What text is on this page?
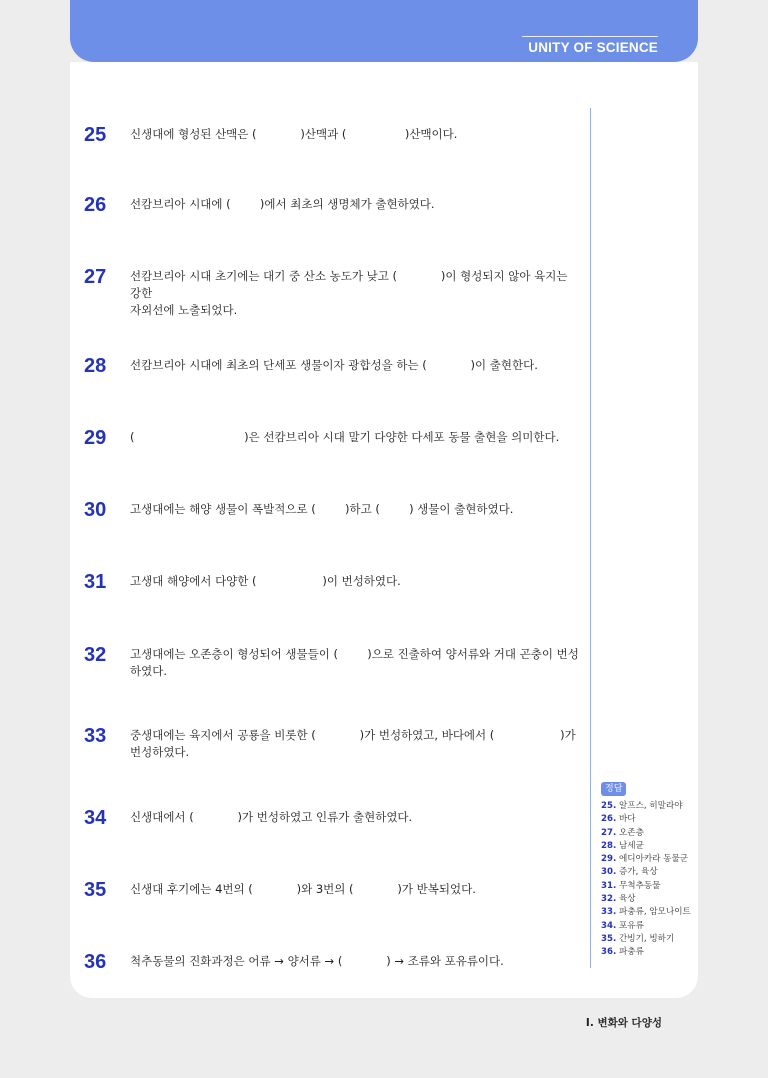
UNITY OF SCIENCE
25	신생대에 형성된 산맥은 (            )산맥과 (                )산맥이다.
26	선캄브리아 시대에 (        )에서 최초의 생명체가 출현하였다.
27	선캄브리아 시대 초기에는 대기 중 산소 농도가 낮고 (            )이 형성되지 않아 육지는 강한
자외선에 노출되었다.
28	선캄브리아 시대에 최초의 단세포 생물이자 광합성을 하는 (            )이 출현한다.
29	(                              )은 선캄브리아 시대 말기 다양한 다세포 동물 출현을 의미한다.
30	고생대에는 해양 생물이 폭발적으로 (        )하고 (        ) 생물이 출현하였다.
31	고생대 해양에서 다양한 (                  )이 번성하였다.
32	고생대에는 오존층이 형성되어 생물들이 (        )으로 진출하여 양서류와 거대 곤충이 번성
하였다.
33	중생대에는 육지에서 공룡을 비롯한 (            )가 번성하였고, 바다에서 (                  )가
번성하였다.
34	신생대에서 (            )가 번성하였고 인류가 출현하였다.
35	신생대 후기에는 4번의 (            )와 3번의 (            )가 반복되었다.
36	척추동물의 진화과정은 어류 → 양서류 → (            ) → 조류와 포유류이다.
정답
25. 알프스, 히말라야
26. 바다
27. 오존층
28. 남세균
29. 에디아카라 동물군
30. 증가, 육상
31. 무척추동물
32. 육상
33. 파충류, 암모나이트
34. 포유류
35. 간빙기, 빙하기
36. 파충류
Ⅰ. 변화와 다양성
